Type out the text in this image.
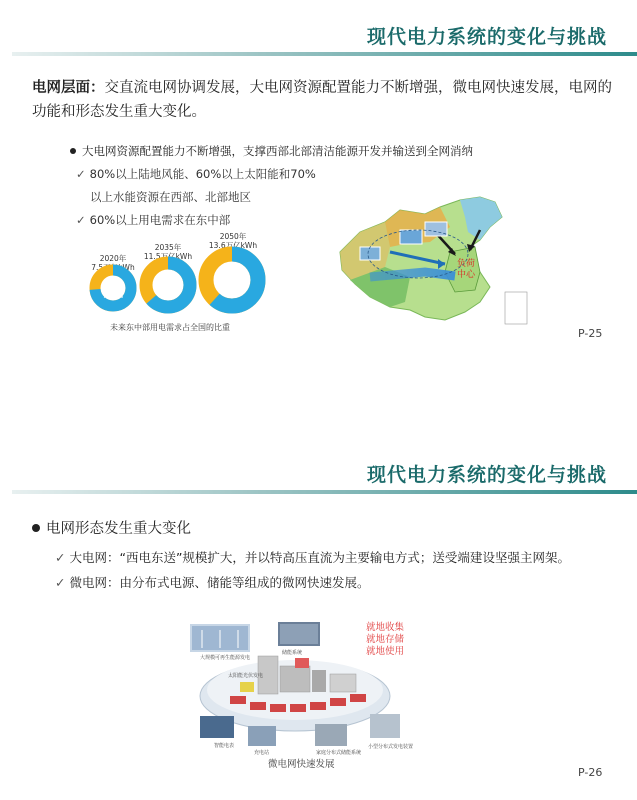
现代电力系统的变化与挑战
电网层面：交直流电网协调发展，大电网资源配置能力不断增强，微电网快速发展，电网的功能和形态发生重大变化。
大电网资源配置能力不断增强，支撑西部北部清洁能源开发并输送到全网消纳
✓ 80%以上陆地风能、60%以上太阳能和70%
以上水能资源在西部、北部地区
✓ 60%以上用电需求在东中部
2020年
7.5万亿kWh
2035年
11.5万亿kWh
2050年
13.6万亿kWh
73.6%	63.6%	61.6%
未来东中部用电需求占全国的比重
负荷 中心
P-25
现代电力系统的变化与挑战
电网形态发生重大变化
✓ 大电网：“西电东送”规模扩大，并以特高压直流为主要输电方式；送受端建设坚强主网架。
✓ 微电网：由分布式电源、储能等组成的微网快速发展。
大规模可再生能源发电
储能系统
太阳能光伏发电
充电站
智能电表
家庭分布式储能系统
小型分布式发电装置
就地收集
就地存储
就地使用
微电网快速发展
P-26
